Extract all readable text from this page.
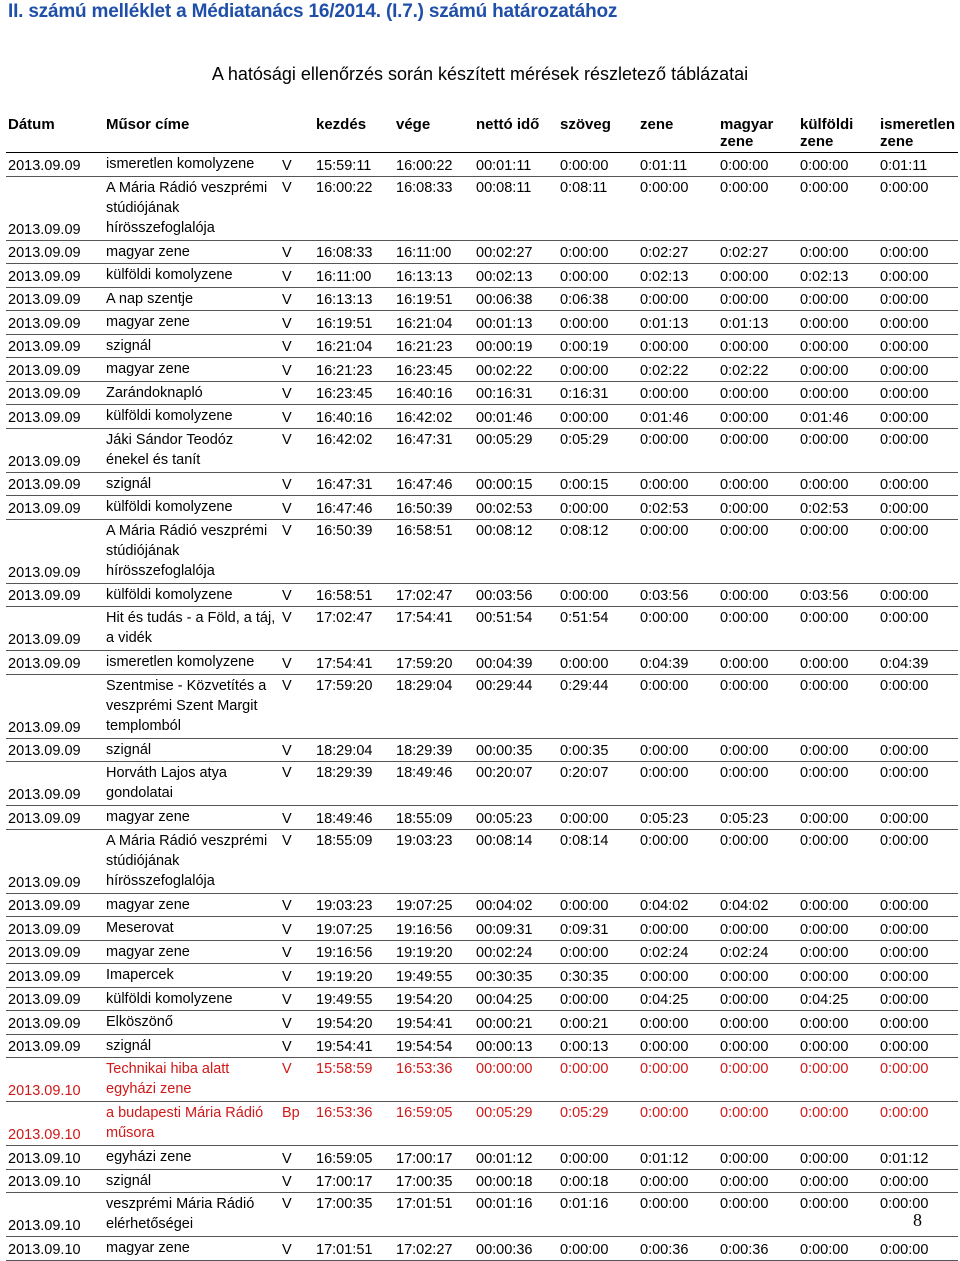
II. számú melléklet a Médiatanács 16/2014. (I.7.) számú határozatához
A hatósági ellenőrzés során készített mérések részletező táblázatai
Dátum	Műsor címe		kezdés	vége	nettó idő	szöveg	zene	magyar zene	külföldi zene	ismeretlen zene
2013.09.09	ismeretlen komolyzene	V	15:59:11	16:00:22	00:01:11	0:00:00	0:01:11	0:00:00	0:00:00	0:01:11
2013.09.09	A Mária Rádió veszprémi stúdiójának hírösszefoglalója	V	16:00:22	16:08:33	00:08:11	0:08:11	0:00:00	0:00:00	0:00:00	0:00:00
2013.09.09	magyar zene	V	16:08:33	16:11:00	00:02:27	0:00:00	0:02:27	0:02:27	0:00:00	0:00:00
2013.09.09	külföldi komolyzene	V	16:11:00	16:13:13	00:02:13	0:00:00	0:02:13	0:00:00	0:02:13	0:00:00
2013.09.09	A nap szentje	V	16:13:13	16:19:51	00:06:38	0:06:38	0:00:00	0:00:00	0:00:00	0:00:00
2013.09.09	magyar zene	V	16:19:51	16:21:04	00:01:13	0:00:00	0:01:13	0:01:13	0:00:00	0:00:00
2013.09.09	szignál	V	16:21:04	16:21:23	00:00:19	0:00:19	0:00:00	0:00:00	0:00:00	0:00:00
2013.09.09	magyar zene	V	16:21:23	16:23:45	00:02:22	0:00:00	0:02:22	0:02:22	0:00:00	0:00:00
2013.09.09	Zarándoknapló	V	16:23:45	16:40:16	00:16:31	0:16:31	0:00:00	0:00:00	0:00:00	0:00:00
2013.09.09	külföldi komolyzene	V	16:40:16	16:42:02	00:01:46	0:00:00	0:01:46	0:00:00	0:01:46	0:00:00
2013.09.09	Jáki Sándor Teodóz énekel és tanít	V	16:42:02	16:47:31	00:05:29	0:05:29	0:00:00	0:00:00	0:00:00	0:00:00
2013.09.09	szignál	V	16:47:31	16:47:46	00:00:15	0:00:15	0:00:00	0:00:00	0:00:00	0:00:00
2013.09.09	külföldi komolyzene	V	16:47:46	16:50:39	00:02:53	0:00:00	0:02:53	0:00:00	0:02:53	0:00:00
2013.09.09	A Mária Rádió veszprémi stúdiójának hírösszefoglalója	V	16:50:39	16:58:51	00:08:12	0:08:12	0:00:00	0:00:00	0:00:00	0:00:00
2013.09.09	külföldi komolyzene	V	16:58:51	17:02:47	00:03:56	0:00:00	0:03:56	0:00:00	0:03:56	0:00:00
2013.09.09	Hit és tudás - a Föld, a táj, a vidék	V	17:02:47	17:54:41	00:51:54	0:51:54	0:00:00	0:00:00	0:00:00	0:00:00
2013.09.09	ismeretlen komolyzene	V	17:54:41	17:59:20	00:04:39	0:00:00	0:04:39	0:00:00	0:00:00	0:04:39
2013.09.09	Szentmise - Közvetítés a veszprémi Szent Margit templomból	V	17:59:20	18:29:04	00:29:44	0:29:44	0:00:00	0:00:00	0:00:00	0:00:00
2013.09.09	szignál	V	18:29:04	18:29:39	00:00:35	0:00:35	0:00:00	0:00:00	0:00:00	0:00:00
2013.09.09	Horváth Lajos atya gondolatai	V	18:29:39	18:49:46	00:20:07	0:20:07	0:00:00	0:00:00	0:00:00	0:00:00
2013.09.09	magyar zene	V	18:49:46	18:55:09	00:05:23	0:00:00	0:05:23	0:05:23	0:00:00	0:00:00
2013.09.09	A Mária Rádió veszprémi stúdiójának hírösszefoglalója	V	18:55:09	19:03:23	00:08:14	0:08:14	0:00:00	0:00:00	0:00:00	0:00:00
2013.09.09	magyar zene	V	19:03:23	19:07:25	00:04:02	0:00:00	0:04:02	0:04:02	0:00:00	0:00:00
2013.09.09	Meserovat	V	19:07:25	19:16:56	00:09:31	0:09:31	0:00:00	0:00:00	0:00:00	0:00:00
2013.09.09	magyar zene	V	19:16:56	19:19:20	00:02:24	0:00:00	0:02:24	0:02:24	0:00:00	0:00:00
2013.09.09	Imapercek	V	19:19:20	19:49:55	00:30:35	0:30:35	0:00:00	0:00:00	0:00:00	0:00:00
2013.09.09	külföldi komolyzene	V	19:49:55	19:54:20	00:04:25	0:00:00	0:04:25	0:00:00	0:04:25	0:00:00
2013.09.09	Elköszönő	V	19:54:20	19:54:41	00:00:21	0:00:21	0:00:00	0:00:00	0:00:00	0:00:00
2013.09.09	szignál	V	19:54:41	19:54:54	00:00:13	0:00:13	0:00:00	0:00:00	0:00:00	0:00:00
2013.09.10	Technikai hiba alatt egyházi zene	V	15:58:59	16:53:36	00:00:00	0:00:00	0:00:00	0:00:00	0:00:00	0:00:00
2013.09.10	a budapesti Mária Rádió műsora	Bp	16:53:36	16:59:05	00:05:29	0:05:29	0:00:00	0:00:00	0:00:00	0:00:00
2013.09.10	egyházi zene	V	16:59:05	17:00:17	00:01:12	0:00:00	0:01:12	0:00:00	0:00:00	0:01:12
2013.09.10	szignál	V	17:00:17	17:00:35	00:00:18	0:00:18	0:00:00	0:00:00	0:00:00	0:00:00
2013.09.10	veszprémi Mária Rádió elérhetőségei	V	17:00:35	17:01:51	00:01:16	0:01:16	0:00:00	0:00:00	0:00:00	0:00:00
2013.09.10	magyar zene	V	17:01:51	17:02:27	00:00:36	0:00:00	0:00:36	0:00:36	0:00:00	0:00:00
8
